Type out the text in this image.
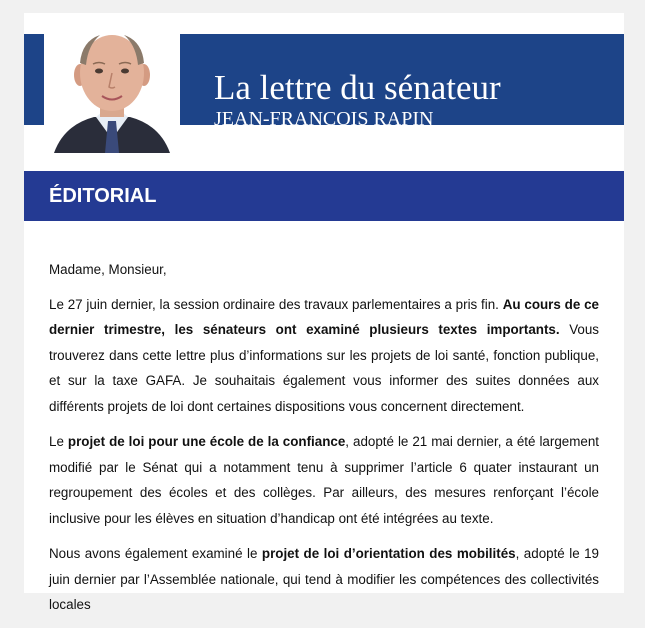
La lettre du sénateur
JEAN-FRANÇOIS RAPIN
ÉDITORIAL

Madame, Monsieur,

Le 27 juin dernier, la session ordinaire des travaux parlementaires a pris fin. Au cours de ce dernier trimestre, les sénateurs ont examiné plusieurs textes importants. Vous trouverez dans cette lettre plus d’informations sur les projets de loi santé, fonction publique, et sur la taxe GAFA. Je souhaitais également vous informer des suites données aux différents projets de loi dont certaines dispositions vous concernent directement.

Le projet de loi pour une école de la confiance, adopté le 21 mai dernier, a été largement modifié par le Sénat qui a notamment tenu à supprimer l’article 6 quater instaurant un regroupement des écoles et des collèges. Par ailleurs, des mesures renforçant l’école inclusive pour les élèves en situation d’handicap ont été intégrées au texte.

Nous avons également examiné le projet de loi d’orientation des mobilités, adopté le 19 juin dernier par l’Assemblée nationale, qui tend à modifier les compétences des collectivités locales
